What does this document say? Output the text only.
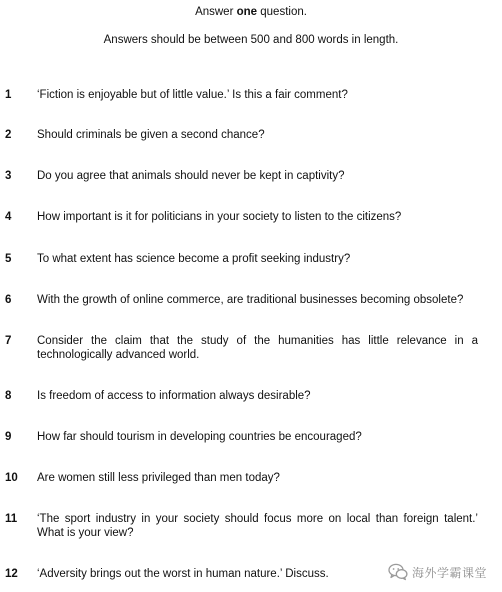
Answer one question.
Answers should be between 500 and 800 words in length.
1	‘Fiction is enjoyable but of little value.’ Is this a fair comment?
2	Should criminals be given a second chance?
3	Do you agree that animals should never be kept in captivity?
4	How important is it for politicians in your society to listen to the citizens?
5	To what extent has science become a profit seeking industry?
6	With the growth of online commerce, are traditional businesses becoming obsolete?
7	Consider the claim that the study of the humanities has little relevance in a technologically advanced world.
8	Is freedom of access to information always desirable?
9	How far should tourism in developing countries be encouraged?
10	Are women still less privileged than men today?
11	‘The sport industry in your society should focus more on local than foreign talent.’ What is your view?
12	‘Adversity brings out the worst in human nature.’ Discuss.	海外学霸课堂
